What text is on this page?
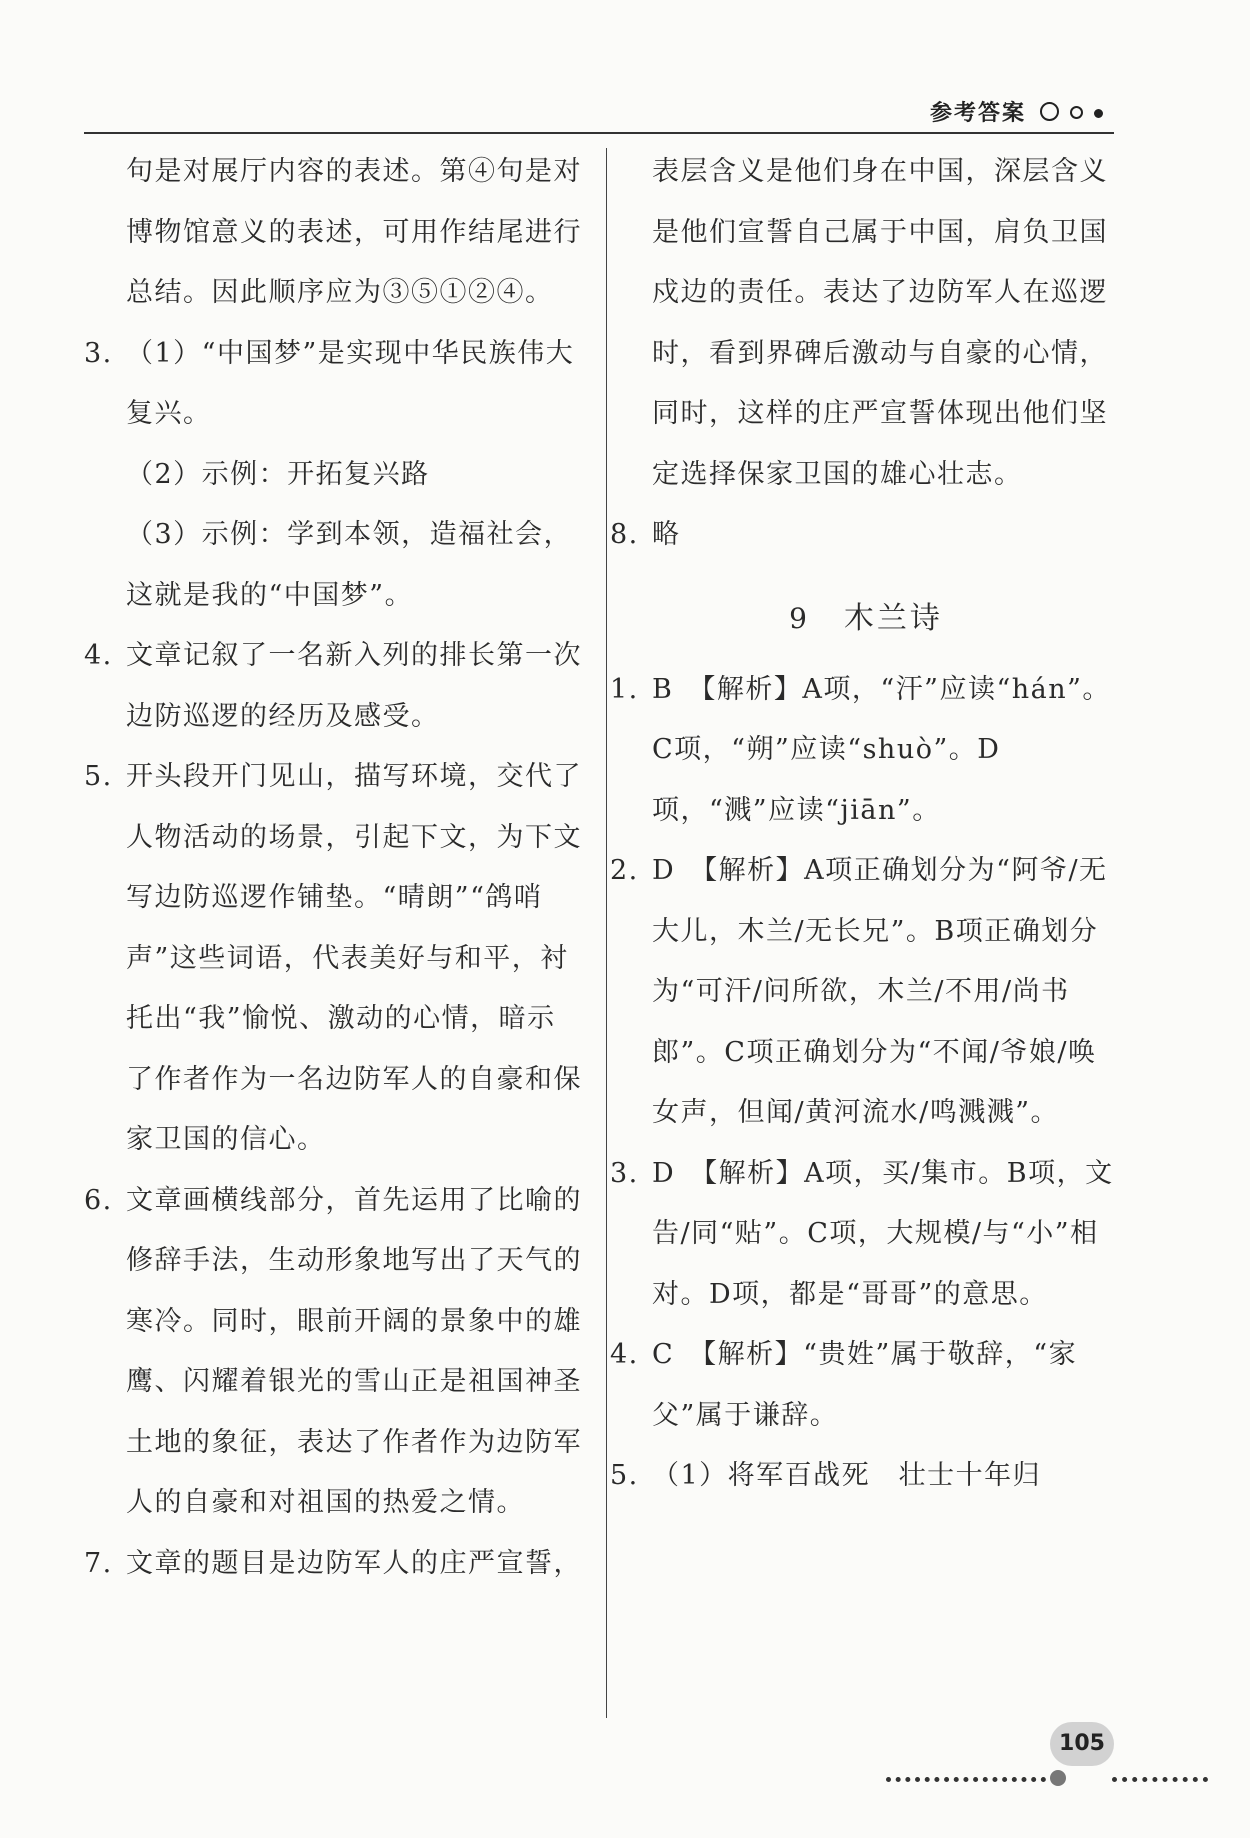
参考答案
句是对展厅内容的表述。第④句是对博物馆意义的表述，可用作结尾进行总结。因此顺序应为③⑤①②④。
3. （1）“中国梦”是实现中华民族伟大复兴。
（2）示例：开拓复兴路
（3）示例：学到本领，造福社会，这就是我的“中国梦”。
4. 文章记叙了一名新入列的排长第一次边防巡逻的经历及感受。
5. 开头段开门见山，描写环境，交代了人物活动的场景，引起下文，为下文写边防巡逻作铺垫。“晴朗”“鸽哨声”这些词语，代表美好与和平，衬托出“我”愉悦、激动的心情，暗示了作者作为一名边防军人的自豪和保家卫国的信心。
6. 文章画横线部分，首先运用了比喻的修辞手法，生动形象地写出了天气的寒冷。同时，眼前开阔的景象中的雄鹰、闪耀着银光的雪山正是祖国神圣土地的象征，表达了作者作为边防军人的自豪和对祖国的热爱之情。
7. 文章的题目是边防军人的庄严宣誓，
表层含义是他们身在中国，深层含义是他们宣誓自己属于中国，肩负卫国戍边的责任。表达了边防军人在巡逻时，看到界碑后激动与自豪的心情，同时，这样的庄严宣誓体现出他们坚定选择保家卫国的雄心壮志。
8. 略
9 木兰诗
1. B　【解析】A项，“汗”应读“hán”。C项，“朔”应读“shuò”。D项，“溅”应读“jiān”。
2. D　【解析】A项正确划分为“阿爷/无大儿，木兰/无长兄”。B项正确划分为“可汗/问所欲，木兰/不用/尚书郎”。C项正确划分为“不闻/爷娘/唤女声，但闻/黄河流水/鸣溅溅”。
3. D　【解析】A项，买/集市。B项，文告/同“贴”。C项，大规模/与“小”相对。D项，都是“哥哥”的意思。
4. C　【解析】“贵姓”属于敬辞，“家父”属于谦辞。
5. （1）将军百战死　壮士十年归
105
